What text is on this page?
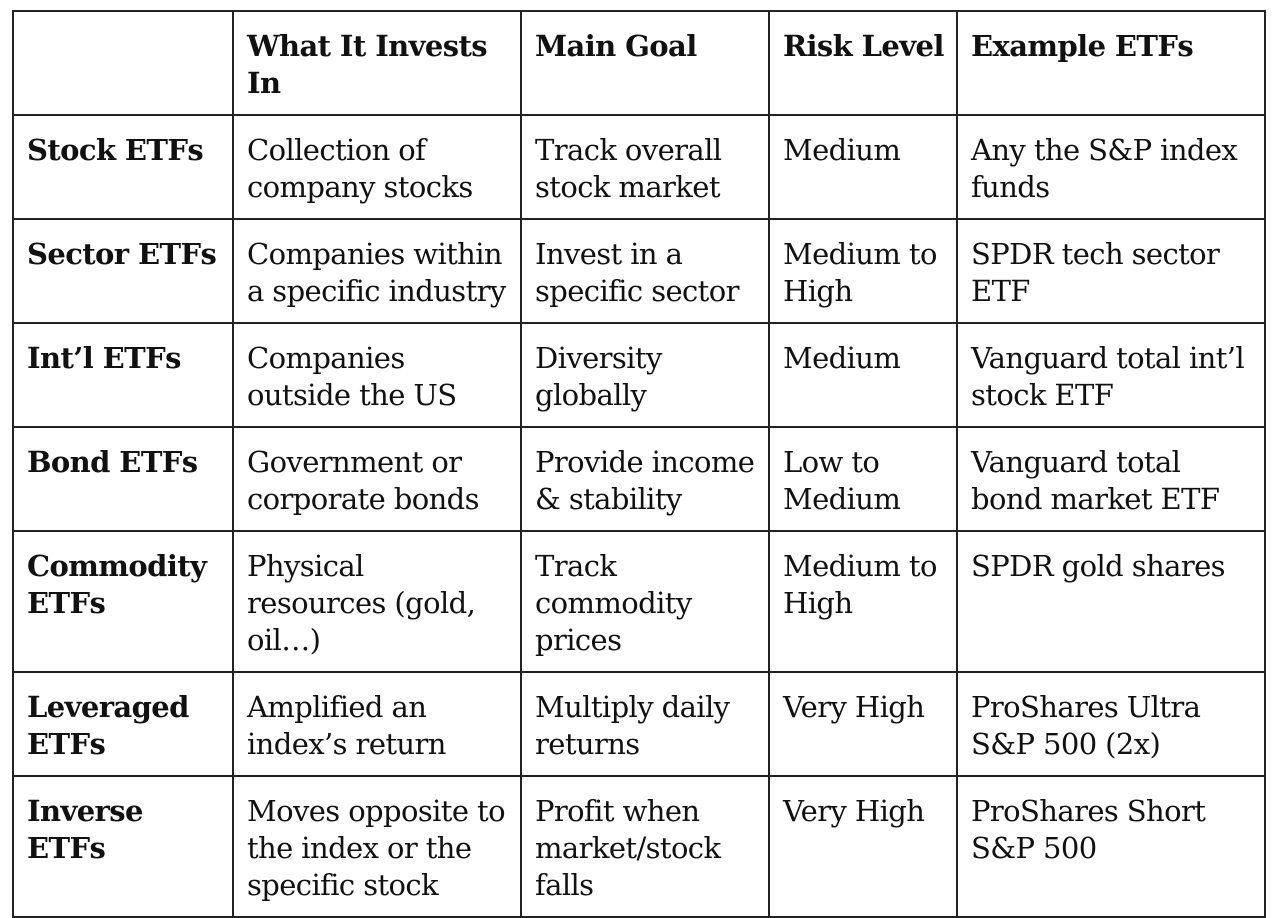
	What It Invests In	Main Goal	Risk Level	Example ETFs
Stock ETFs	Collection of company stocks	Track overall stock market	Medium	Any the S&P index funds
Sector ETFs	Companies within a specific industry	Invest in a specific sector	Medium to High	SPDR tech sector ETF
Int’l ETFs	Companies outside the US	Diversity globally	Medium	Vanguard total int’l stock ETF
Bond ETFs	Government or corporate bonds	Provide income & stability	Low to Medium	Vanguard total bond market ETF
Commodity ETFs	Physical resources (gold, oil…)	Track commodity prices	Medium to High	SPDR gold shares
Leveraged ETFs	Amplified an index’s return	Multiply daily returns	Very High	ProShares Ultra S&P 500 (2x)
Inverse ETFs	Moves opposite to the index or the specific stock	Profit when market/stock falls	Very High	ProShares Short S&P 500
